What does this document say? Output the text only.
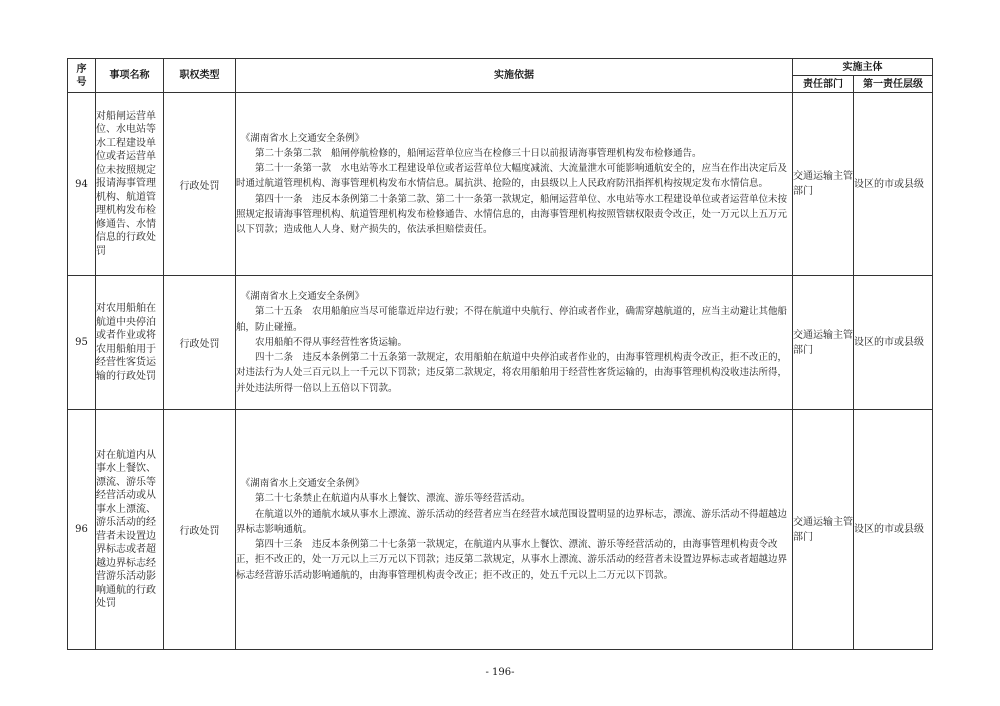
序号	事项名称	职权类型	实施依据	实施主体	
				责任部门	第一责任层级
94	对船闸运营单位、水电站等水工程建设单位或者运营单位未按照规定报请海事管理机构、航道管理机构发布检修通告、水情信息的行政处罚	行政处罚	《湖南省水上交通安全条例》

第二十条第二款　船闸停航检修的，船闸运营单位应当在检修三十日以前报请海事管理机构发布检修通告。

第二十一条第一款　水电站等水工程建设单位或者运营单位大幅度减流、大流量泄水可能影响通航安全的，应当在作出决定后及时通过航道管理机构、海事管理机构发布水情信息。属抗洪、抢险的，由县级以上人民政府防汛指挥机构按规定发布水情信息。

第四十一条　违反本条例第二十条第二款、第二十一条第一款规定，船闸运营单位、水电站等水工程建设单位或者运营单位未按照规定报请海事管理机构、航道管理机构发布检修通告、水情信息的，由海事管理机构按照管辖权限责令改正，处一万元以上五万元以下罚款；造成他人人身、财产损失的，依法承担赔偿责任。	交通运输主管部门	设区的市或县级
95	对农用船舶在航道中央停泊或者作业或将农用船舶用于经营性客货运输的行政处罚	行政处罚	《湖南省水上交通安全条例》

第二十五条　农用船舶应当尽可能靠近岸边行驶；不得在航道中央航行、停泊或者作业，确需穿越航道的，应当主动避让其他船舶，防止碰撞。

农用船舶不得从事经营性客货运输。

四十二条　违反本条例第二十五条第一款规定，农用船舶在航道中央停泊或者作业的，由海事管理机构责令改正，拒不改正的，对违法行为人处三百元以上一千元以下罚款；违反第二款规定，将农用船舶用于经营性客货运输的，由海事管理机构没收违法所得，并处违法所得一倍以上五倍以下罚款。	交通运输主管部门	设区的市或县级
96	对在航道内从事水上餐饮、漂流、游乐等经营活动或从事水上漂流、游乐活动的经营者未设置边界标志或者超越边界标志经营游乐活动影响通航的行政处罚	行政处罚	《湖南省水上交通安全条例》

第二十七条禁止在航道内从事水上餐饮、漂流、游乐等经营活动。

在航道以外的通航水域从事水上漂流、游乐活动的经营者应当在经营水域范围设置明显的边界标志，漂流、游乐活动不得超越边界标志影响通航。

第四十三条　违反本条例第二十七条第一款规定，在航道内从事水上餐饮、漂流、游乐等经营活动的，由海事管理机构责令改正，拒不改正的，处一万元以上三万元以下罚款；违反第二款规定，从事水上漂流、游乐活动的经营者未设置边界标志或者超越边界标志经营游乐活动影响通航的，由海事管理机构责令改正；拒不改正的，处五千元以上二万元以下罚款。	交通运输主管部门	设区的市或县级
- 196-
